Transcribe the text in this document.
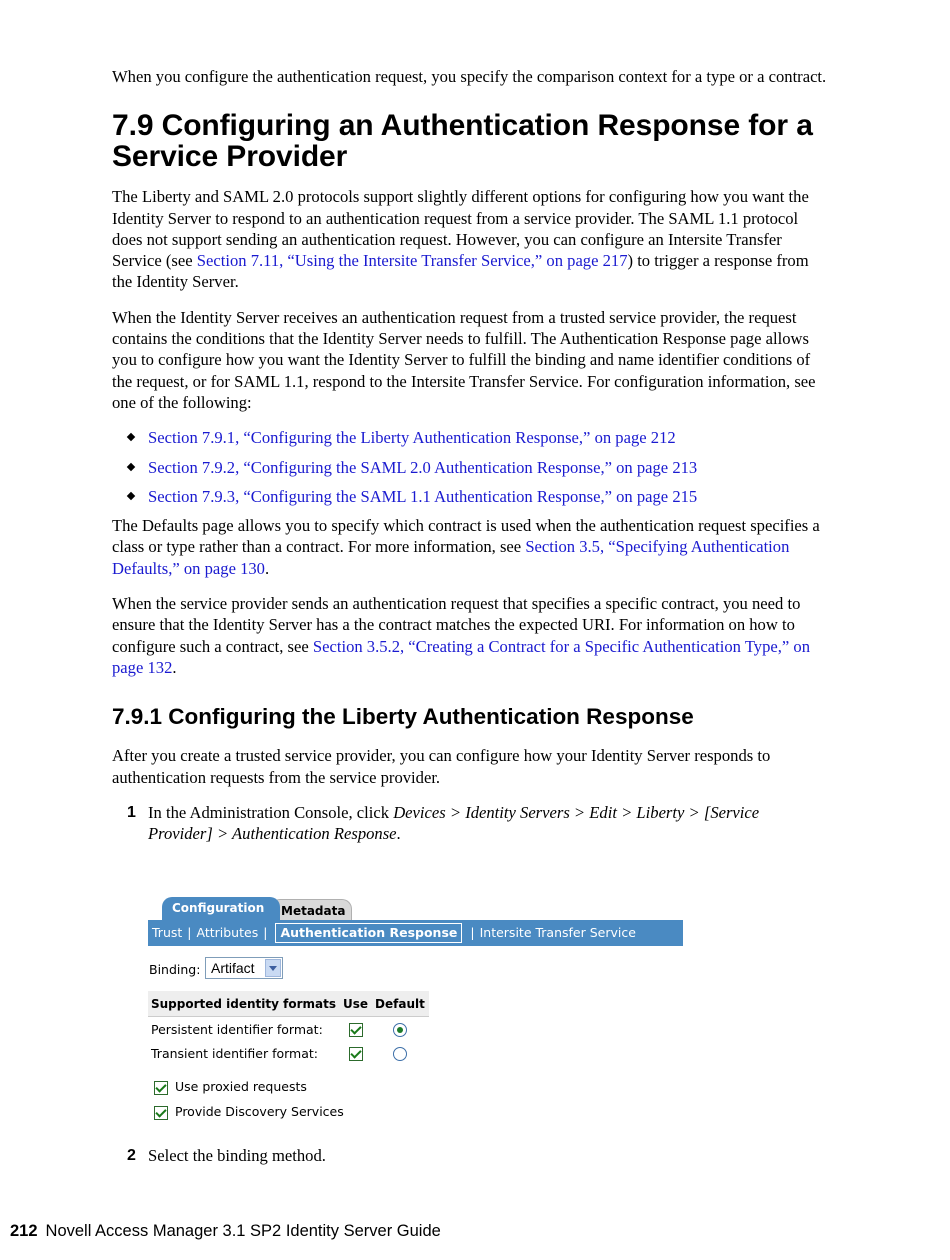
When you configure the authentication request, you specify the comparison context for a type or a contract.

7.9 Configuring an Authentication Response for a Service Provider

The Liberty and SAML 2.0 protocols support slightly different options for configuring how you want the Identity Server to respond to an authentication request from a service provider. The SAML 1.1 protocol does not support sending an authentication request. However, you can configure an Intersite Transfer Service (see Section 7.11, “Using the Intersite Transfer Service,” on page 217) to trigger a response from the Identity Server.

When the Identity Server receives an authentication request from a trusted service provider, the request contains the conditions that the Identity Server needs to fulfill. The Authentication Response page allows you to configure how you want the Identity Server to fulfill the binding and name identifier conditions of the request, or for SAML 1.1, respond to the Intersite Transfer Service. For configuration information, see one of the following:

Section 7.9.1, “Configuring the Liberty Authentication Response,” on page 212
Section 7.9.2, “Configuring the SAML 2.0 Authentication Response,” on page 213
Section 7.9.3, “Configuring the SAML 1.1 Authentication Response,” on page 215

The Defaults page allows you to specify which contract is used when the authentication request specifies a class or type rather than a contract. For more information, see Section 3.5, “Specifying Authentication Defaults,” on page 130.

When the service provider sends an authentication request that specifies a specific contract, you need to ensure that the Identity Server has a the contract matches the expected URI. For information on how to configure such a contract, see Section 3.5.2, “Creating a Contract for a Specific Authentication Type,” on page 132.

7.9.1 Configuring the Liberty Authentication Response

After you create a trusted service provider, you can configure how your Identity Server responds to authentication requests from the service provider.

1 In the Administration Console, click Devices > Identity Servers > Edit > Liberty > [Service Provider] > Authentication Response.
Metadata
Configuration
Trust | Attributes | Authentication Response | Intersite Transfer Service
Binding: Artifact
Supported identity formats	Use	Default
Persistent identifier format:		
Transient identifier format:		
Use proxied requests
Provide Discovery Services
2 Select the binding method.
212 Novell Access Manager 3.1 SP2 Identity Server Guide
